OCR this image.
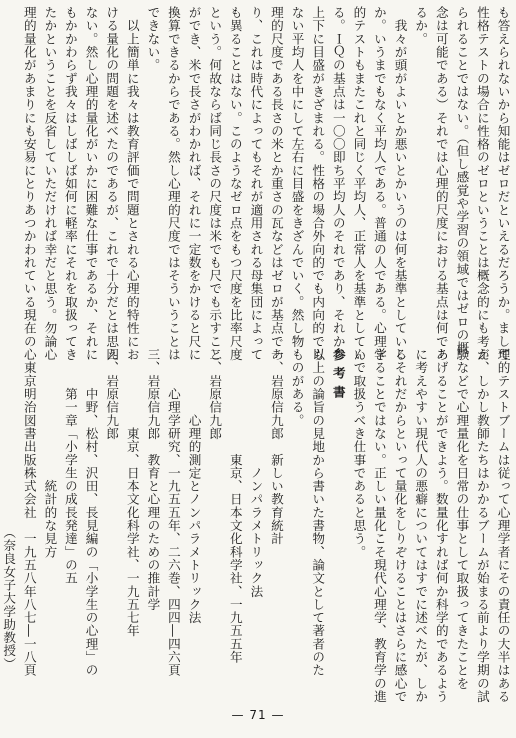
も答えられないから知能はゼロだといえるだろうか。まして
性格テストの場合に性格のゼロということは概念的にも考え
られることではない。（但し感覚や学習の領域ではゼロの概
念は可能である）それでは心理的尺度における基点は何であ
るか。
　我々が頭がよいとか悪いとかいうのは何を基準としている
か。いうまでもなく平均人である。普通の人である。心理学
的テストもまたこれと同じく平均人、正常人を基準としてい
る。ＩＱの基点は一〇〇即ち平均人のそれであり、それから
上下に目盛がきざまれる。性格の場合外向的でも内向的でも
ない平均人を中にして左右に目盛をきざんでいく。然し物
理的尺度である長さの米とか重さの瓦などはゼロが基点であ
り、これは時代によってもそれが適用される母集団によって
も異ることはない。このようなゼロ点をもつ尺度を比率尺度
という。何故ならば同じ長さの尺度は米でも尺でも示すこと
ができ、米で長さがわかれば、それに一定数をかけると尺に
換算できるからである。然し心理的尺度ではそういうことは
できない。
　以上簡単に我々は教育評価で問題とされる心理的特性にお
ける量化の問題を述べたのであるが、これで十分だとは思え
ない。然し心理的量化がいかに困難な仕事であるか、それに
もかかわらず我々はしばしば如何に軽率にそれを取扱ってき
たかということを反省していただければ幸だと思う。勿論心
理的量化があまりにも安易にとりあつかわれている現在の心
理的テストブームは従って心理学者にその責任の大半はある
が、しかし教師たちはかかるブームが始まる前より学期の試
験などで心理量化を日常の仕事として取扱ってきたことを
あげることができよう。数量化すれば何か科学的であるよう
に考えやすい現代人の悪癖についてはすでに述べたが、しか
しそれだからといって量化をしりぞけることはさらに感心で
きることではない。正しい量化こそ現代心理学、教育学の進
んで取扱うべき仕事であると思う。
参考書
以上の論旨の見地から書いた書物、論文として著者のた
ものがある。
一、岩原信九郎　新しい教育統計
　　　　　　　　　ノンパラメトリック法
　　　　　　　　東京、日本文化科学社、一九五五年
二、岩原信九郎
　　　　　心理的測定とノンパラメトリック法
　　　心理学研究、一九五五年、二六巻、四四―四六頁
三、岩原信九郎　教育と心理のための推計学
　　　　　　東京、日本文化科学社、一九五七年
四、岩原信九郎
　　　中野、松村、沢田、長見編の「小学生の心理」の
　　　第一章「小学生の成長発達」の五
　　　　　　　　　　統計的な見方
　東京明治図書出版株式会社　一九五八年八七―一八頁
　　　　　　　　　　　　　　（奈良女子大学助教授）
— 71 —
